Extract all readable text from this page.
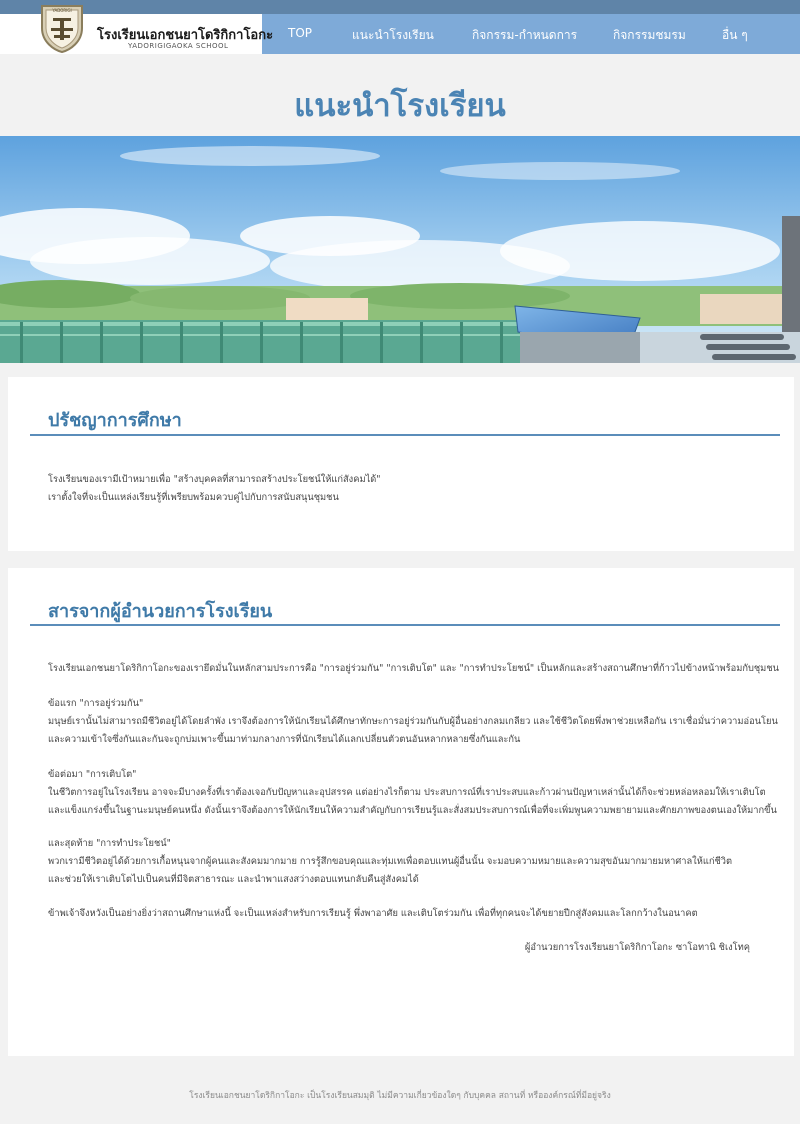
YADORIGI
โรงเรียนเอกชนยาโดริกิกาโอกะ
YADORIGIGAOKA SCHOOL
TOP	แนะนำโรงเรียน	กิจกรรม-กำหนดการ	กิจกรรมชมรม	อื่น ๆ
แนะนำโรงเรียน
ปรัชญาการศึกษา

โรงเรียนของเรามีเป้าหมายเพื่อ "สร้างบุคคลที่สามารถสร้างประโยชน์ให้แก่สังคมได้"

เราตั้งใจที่จะเป็นแหล่งเรียนรู้ที่เพรียบพร้อมควบคู่ไปกับการสนับสนุนชุมชน

สารจากผู้อำนวยการโรงเรียน

โรงเรียนเอกชนยาโดริกิกาโอกะของเรายึดมั่นในหลักสามประการคือ "การอยู่ร่วมกัน" "การเติบโต" และ "การทำประโยชน์" เป็นหลักและสร้างสถานศึกษาที่ก้าวไปข้างหน้าพร้อมกับชุมชน

ข้อแรก "การอยู่ร่วมกัน"

มนุษย์เรานั้นไม่สามารถมีชีวิตอยู่ได้โดยลำพัง เราจึงต้องการให้นักเรียนได้ศึกษาทักษะการอยู่ร่วมกันกับผู้อื่นอย่างกลมเกลียว และใช้ชีวิตโดยพึ่งพาช่วยเหลือกัน เราเชื่อมั่นว่าความอ่อนโยน

และความเข้าใจซึ่งกันและกันจะถูกบ่มเพาะขึ้นมาท่ามกลางการที่นักเรียนได้แลกเปลี่ยนตัวตนอันหลากหลายซึ่งกันและกัน

ข้อต่อมา "การเติบโต"

ในชีวิตการอยู่ในโรงเรียน อาจจะมีบางครั้งที่เราต้องเจอกับปัญหาและอุปสรรค แต่อย่างไรก็ตาม ประสบการณ์ที่เราประสบและก้าวผ่านปัญหาเหล่านั้นได้ก็จะช่วยหล่อหลอมให้เราเติบโต

และแข็งแกร่งขึ้นในฐานะมนุษย์คนหนึ่ง ดังนั้นเราจึงต้องการให้นักเรียนให้ความสำคัญกับการเรียนรู้และสั่งสมประสบการณ์เพื่อที่จะเพิ่มพูนความพยายามและศักยภาพของตนเองให้มากขึ้น

และสุดท้าย "การทำประโยชน์"

พวกเรามีชีวิตอยู่ได้ด้วยการเกื้อหนุนจากผู้คนและสังคมมากมาย การรู้สึกขอบคุณและทุ่มเทเพื่อตอบแทนผู้อื่นนั้น จะมอบความหมายและความสุขอันมากมายมหาศาลให้แก่ชีวิต

และช่วยให้เราเติบโตไปเป็นคนที่มีจิตสาธารณะ และนำพาแสงสว่างตอบแทนกลับคืนสู่สังคมได้

ข้าพเจ้าจึงหวังเป็นอย่างยิ่งว่าสถานศึกษาแห่งนี้ จะเป็นแหล่งสำหรับการเรียนรู้ พึ่งพาอาศัย และเติบโตร่วมกัน เพื่อที่ทุกคนจะได้ขยายปีกสู่สังคมและโลกกว้างในอนาคต

ผู้อำนวยการโรงเรียนยาโดริกิกาโอกะ ซาโอทานิ ชิเงโทคุ
โรงเรียนเอกชนยาโดริกิกาโอกะ เป็นโรงเรียนสมมุติ ไม่มีความเกี่ยวข้องใดๆ กับบุคคล สถานที่ หรือองค์กรณ์ที่มีอยู่จริง
